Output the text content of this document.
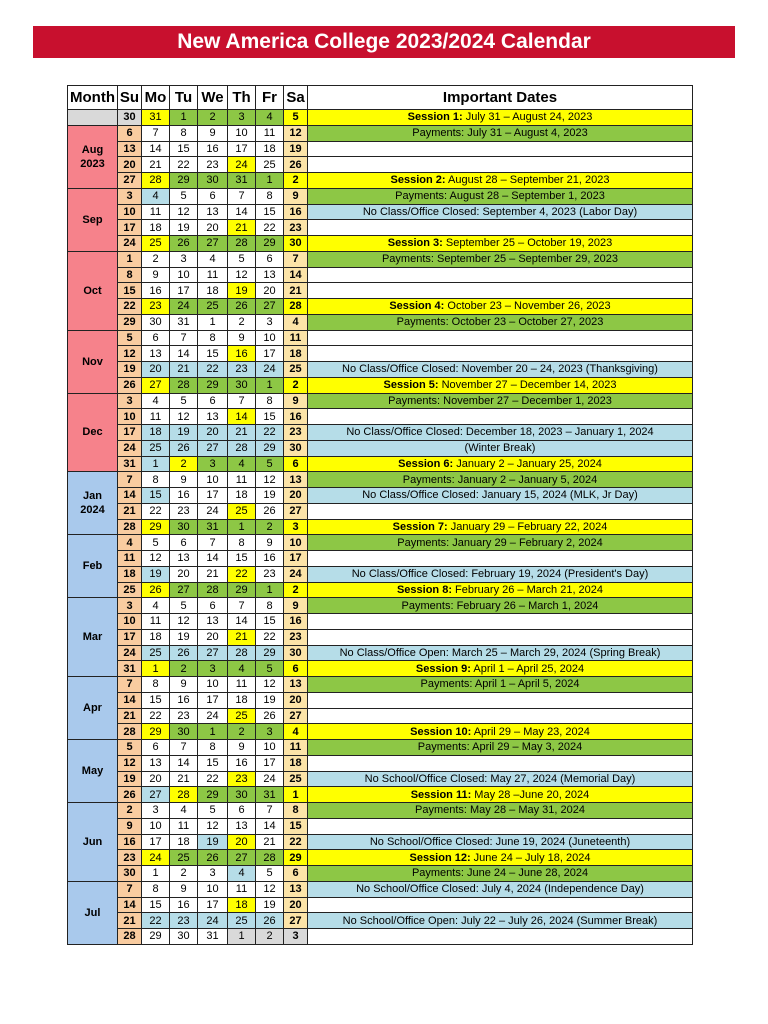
New America College 2023/2024 Calendar
Month	Su	Mo	Tu	We	Th	Fr	Sa	Important Dates
	30	31	1	2	3	4	5	Session 1: July 31 – August 24, 2023
Aug 2023	6	7	8	9	10	11	12	Payments: July 31 – August 4, 2023
	13	14	15	16	17	18	19	
	20	21	22	23	24	25	26	
	27	28	29	30	31	1	2	Session 2: August 28 – September 21, 2023
Sep	3	4	5	6	7	8	9	Payments: August 28 – September 1, 2023
	10	11	12	13	14	15	16	No Class/Office Closed: September 4, 2023 (Labor Day)
	17	18	19	20	21	22	23	
	24	25	26	27	28	29	30	Session 3: September 25 – October 19, 2023
Oct	1	2	3	4	5	6	7	Payments: September 25 – September 29, 2023
	8	9	10	11	12	13	14	
	15	16	17	18	19	20	21	
	22	23	24	25	26	27	28	Session 4: October 23 – November 26, 2023
	29	30	31	1	2	3	4	Payments: October 23 – October 27, 2023
Nov	5	6	7	8	9	10	11	
	12	13	14	15	16	17	18	
	19	20	21	22	23	24	25	No Class/Office Closed: November 20 – 24, 2023 (Thanksgiving)
	26	27	28	29	30	1	2	Session 5: November 27 – December 14, 2023
Dec	3	4	5	6	7	8	9	Payments: November 27 – December 1, 2023
	10	11	12	13	14	15	16	
	17	18	19	20	21	22	23	No Class/Office Closed: December 18, 2023 – January 1, 2024
	24	25	26	27	28	29	30	(Winter Break)
	31	1	2	3	4	5	6	Session 6: January 2 – January 25, 2024
Jan 2024	7	8	9	10	11	12	13	Payments: January 2 – January 5, 2024
	14	15	16	17	18	19	20	No Class/Office Closed: January 15, 2024 (MLK, Jr Day)
	21	22	23	24	25	26	27	
	28	29	30	31	1	2	3	Session 7: January 29 – February 22, 2024
Feb	4	5	6	7	8	9	10	Payments: January 29 – February 2, 2024
	11	12	13	14	15	16	17	
	18	19	20	21	22	23	24	No Class/Office Closed: February 19, 2024 (President's Day)
	25	26	27	28	29	1	2	Session 8: February 26 – March 21, 2024
Mar	3	4	5	6	7	8	9	Payments: February 26 – March 1, 2024
	10	11	12	13	14	15	16	
	17	18	19	20	21	22	23	
	24	25	26	27	28	29	30	No Class/Office Open: March 25 – March 29, 2024 (Spring Break)
	31	1	2	3	4	5	6	Session 9: April 1 – April 25, 2024
Apr	7	8	9	10	11	12	13	Payments: April 1 – April 5, 2024
	14	15	16	17	18	19	20	
	21	22	23	24	25	26	27	
	28	29	30	1	2	3	4	Session 10: April 29 – May 23, 2024
May	5	6	7	8	9	10	11	Payments: April 29 – May 3, 2024
	12	13	14	15	16	17	18	
	19	20	21	22	23	24	25	No School/Office Closed: May 27, 2024 (Memorial Day)
	26	27	28	29	30	31	1	Session 11: May 28 –June 20, 2024
Jun	2	3	4	5	6	7	8	Payments: May 28 – May 31, 2024
	9	10	11	12	13	14	15	
	16	17	18	19	20	21	22	No School/Office Closed: June 19, 2024 (Juneteenth)
	23	24	25	26	27	28	29	Session 12: June 24 – July 18, 2024
	30	1	2	3	4	5	6	Payments: June 24 – June 28, 2024
Jul	7	8	9	10	11	12	13	No School/Office Closed: July 4, 2024 (Independence Day)
	14	15	16	17	18	19	20	
	21	22	23	24	25	26	27	No School/Office Open: July 22 – July 26, 2024 (Summer Break)
	28	29	30	31	1	2	3	
